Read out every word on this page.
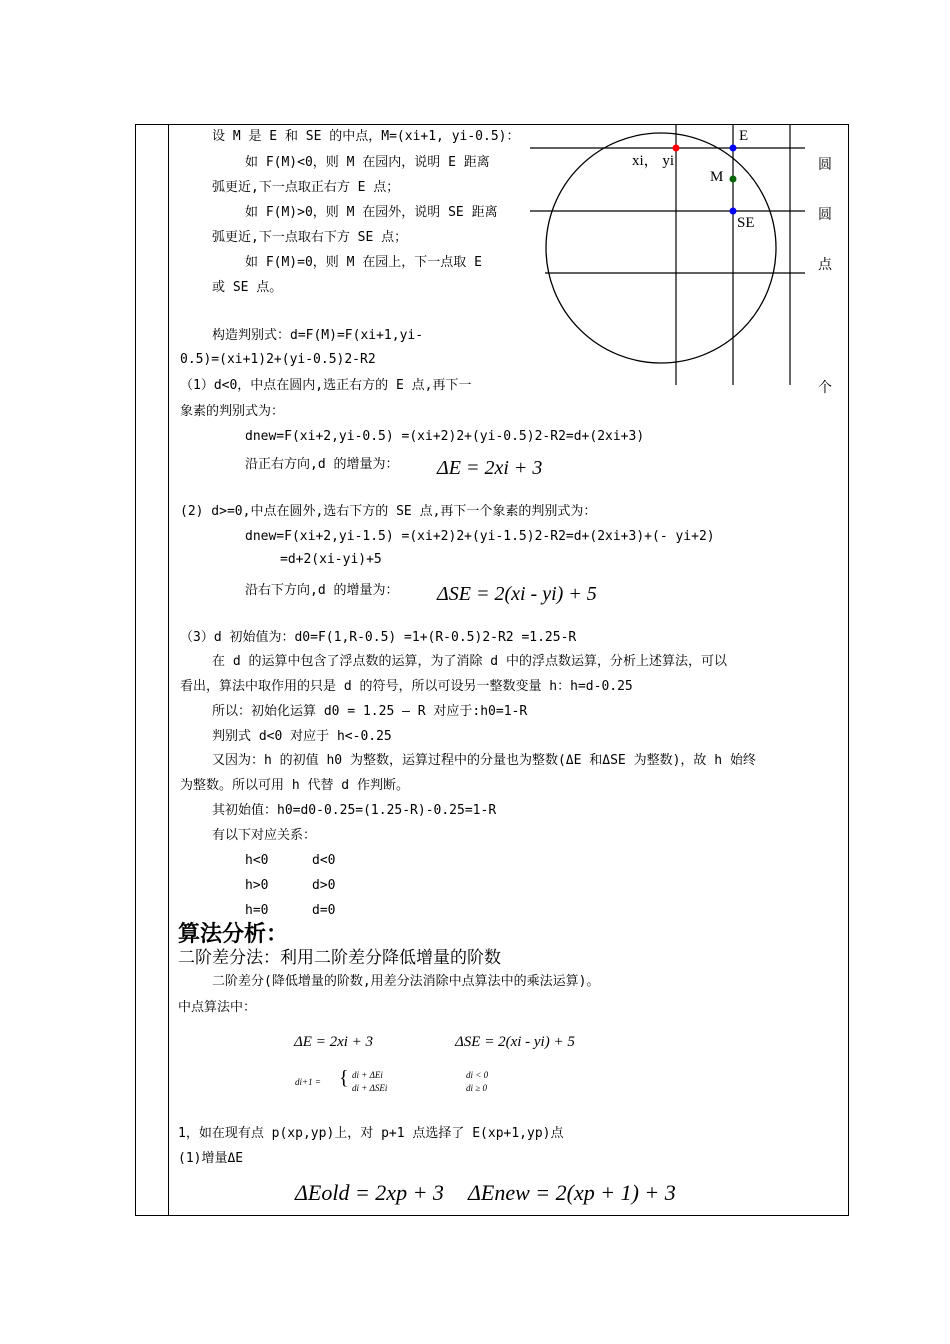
E
xi， yi
M
SE
圆
圆
点
个
设 M 是 E 和 SE 的中点，M=(xi+1, yi-0.5)：
如 F(M)<0，则 M 在园内，说明 E 距离
弧更近,下一点取正右方 E 点；
如 F(M)>0，则 M 在园外，说明 SE 距离
弧更近,下一点取右下方 SE 点；
如 F(M)=0，则 M 在园上，下一点取 E
或 SE 点。
构造判别式：d=F(M)=F(xi+1,yi-
0.5)=(xi+1)2+(yi-0.5)2-R2
（1）d<0，中点在圆内,选正右方的 E 点,再下一
象素的判别式为：
dnew=F(xi+2,yi-0.5) =(xi+2)2+(yi-0.5)2-R2=d+(2xi+3)
沿正右方向,d 的增量为： ΔE = 2xi + 3
(2) d>=0,中点在圆外,选右下方的 SE 点,再下一个象素的判别式为：
dnew=F(xi+2,yi-1.5) =(xi+2)2+(yi-1.5)2-R2=d+(2xi+3)+(- yi+2)
=d+2(xi-yi)+5
沿右下方向,d 的增量为： ΔSE = 2(xi - yi) + 5
（3）d 初始值为：d0=F(1,R-0.5) =1+(R-0.5)2-R2 =1.25-R
在 d 的运算中包含了浮点数的运算，为了消除 d 中的浮点数运算，分析上述算法，可以
看出，算法中取作用的只是 d 的符号，所以可设另一整数变量 h：h=d-0.25
所以：初始化运算 d0 = 1.25 – R 对应于:h0=1-R
判别式 d<0 对应于 h<-0.25
又因为：h 的初值 h0 为整数，运算过程中的分量也为整数(ΔE 和ΔSE 为整数)，故 h 始终
为整数。所以可用 h 代替 d 作判断。
其初始值：h0=d0-0.25=(1.25-R)-0.25=1-R
有以下对应关系：
h<0	d<0
h>0	d>0
h=0	d=0
算法分析：
二阶差分法：利用二阶差分降低增量的阶数
二阶差分(降低增量的阶数,用差分法消除中点算法中的乘法运算)。
中点算法中：
ΔE = 2xi + 3	ΔSE = 2(xi - yi) + 5
di+1 = { di + ΔEi
di + ΔSEi
di < 0
di ≥ 0
1，如在现有点 p(xp,yp)上，对 p+1 点选择了 E(xp+1,yp)点
(1)增量ΔE
ΔEold = 2xp + 3 ΔEnew = 2(xp + 1) + 3
